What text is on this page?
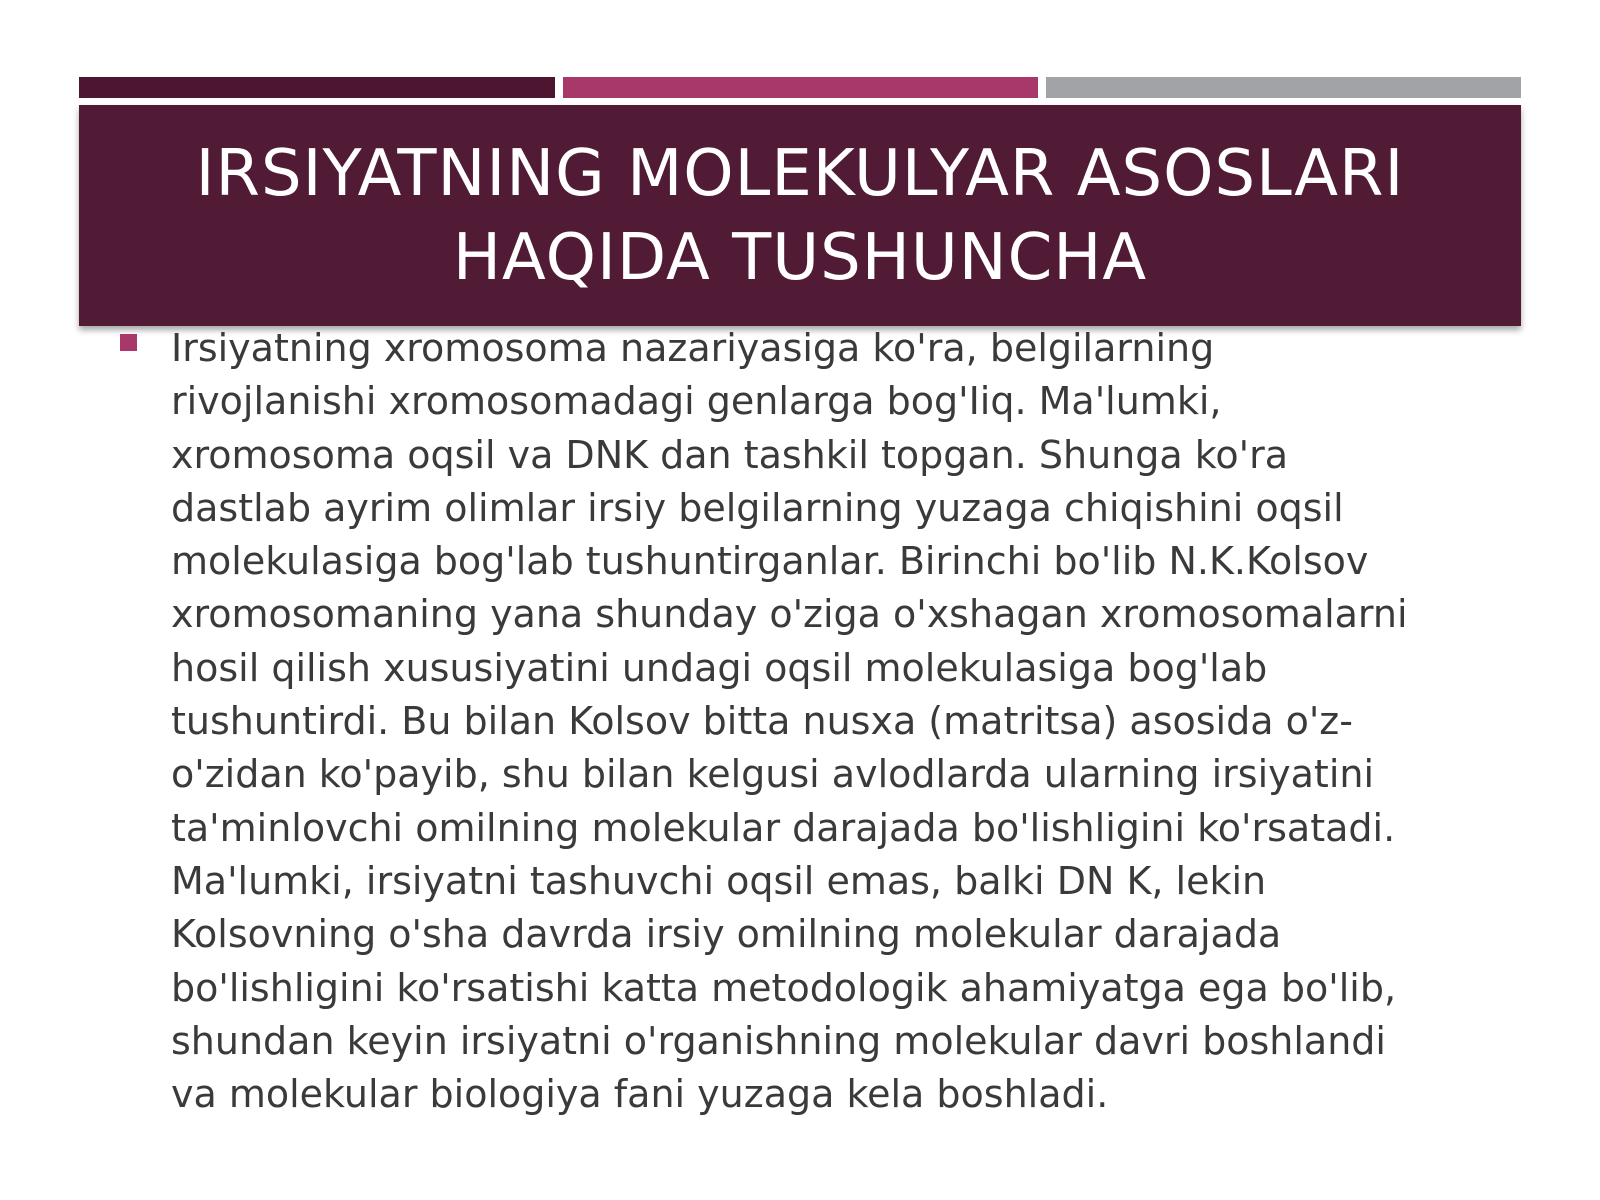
IRSIYATNING MOLEKULYAR ASOSLARI
HAQIDA TUSHUNCHA

Irsiyatning xromosoma nazariyasiga ko'ra, belgilarning
rivojlanishi xromosomadagi genlarga bog'Iiq. Ma'lumki,
xromosoma oqsil va DNK dan tashkil topgan. Shunga ko'ra
dastlab ayrim olimlar irsiy belgilarning yuzaga chiqishini oqsil
molekulasiga bog'lab tushuntirganlar. Birinchi bo'lib N.K.Kolsov
xromosomaning yana shunday o'ziga o'xshagan xromosomalarni
hosil qilish xususiyatini undagi oqsil molekulasiga bog'lab
tushuntirdi. Bu bilan Kolsov bitta nusxa (matritsa) asosida o'z-
o'zidan ko'payib, shu bilan kelgusi avlodlarda ularning irsiyatini
ta'minlovchi omilning molekular darajada bo'lishligini ko'rsatadi.
Ma'lumki, irsiyatni tashuvchi oqsil emas, balki DN K, lekin
Kolsovning o'sha davrda irsiy omilning molekular darajada
bo'lishligini ko'rsatishi katta metodologik ahamiyatga ega bo'lib,
shundan keyin irsiyatni o'rganishning molekular davri boshlandi
va molekular biologiya fani yuzaga kela boshladi.
